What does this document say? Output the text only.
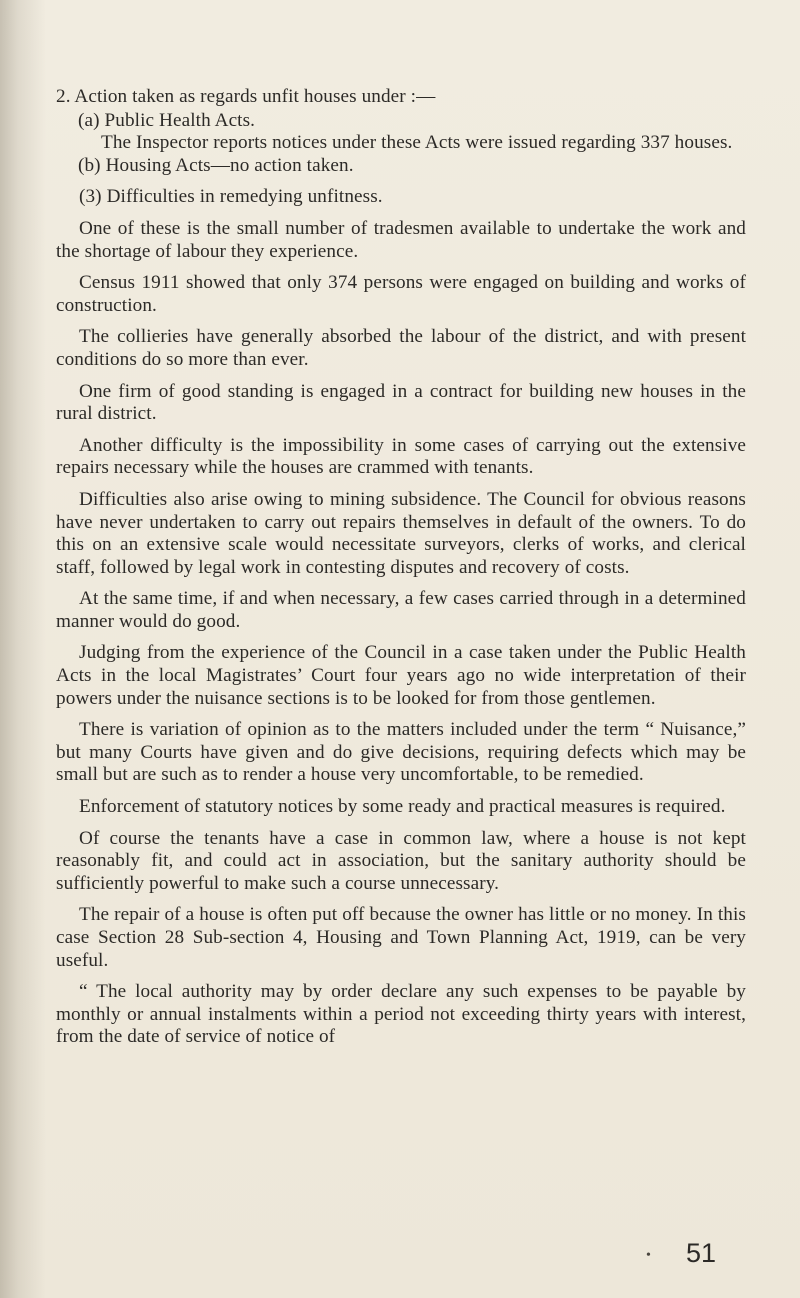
2. Action taken as regards unfit houses under :—

(a) Public Health Acts.

The Inspector reports notices under these Acts were issued regarding 337 houses.

(b) Housing Acts—no action taken.

(3) Difficulties in remedying unfitness.

One of these is the small number of tradesmen available to undertake the work and the shortage of labour they experience.

Census 1911 showed that only 374 persons were engaged on building and works of construction.

The collieries have generally absorbed the labour of the district, and with present conditions do so more than ever.

One firm of good standing is engaged in a contract for building new houses in the rural district.

Another difficulty is the impossibility in some cases of carrying out the extensive repairs necessary while the houses are crammed with tenants.

Difficulties also arise owing to mining subsidence. The Council for obvious reasons have never undertaken to carry out repairs themselves in default of the owners. To do this on an extensive scale would necessitate surveyors, clerks of works, and clerical staff, followed by legal work in contesting disputes and recovery of costs.

At the same time, if and when necessary, a few cases carried through in a determined manner would do good.

Judging from the experience of the Council in a case taken under the Public Health Acts in the local Magistrates’ Court four years ago no wide interpretation of their powers under the nuisance sections is to be looked for from those gentlemen.

There is variation of opinion as to the matters included under the term “ Nuisance,” but many Courts have given and do give decisions, requiring defects which may be small but are such as to render a house very uncomfortable, to be remedied.

Enforcement of statutory notices by some ready and practical measures is required.

Of course the tenants have a case in common law, where a house is not kept reasonably fit, and could act in association, but the sanitary authority should be sufficiently powerful to make such a course unnecessary.

The repair of a house is often put off because the owner has little or no money. In this case Section 28 Sub-section 4, Housing and Town Planning Act, 1919, can be very useful.

“ The local authority may by order declare any such expenses to be payable by monthly or annual instalments within a period not exceeding thirty years with interest, from the date of service of notice of

• 51
